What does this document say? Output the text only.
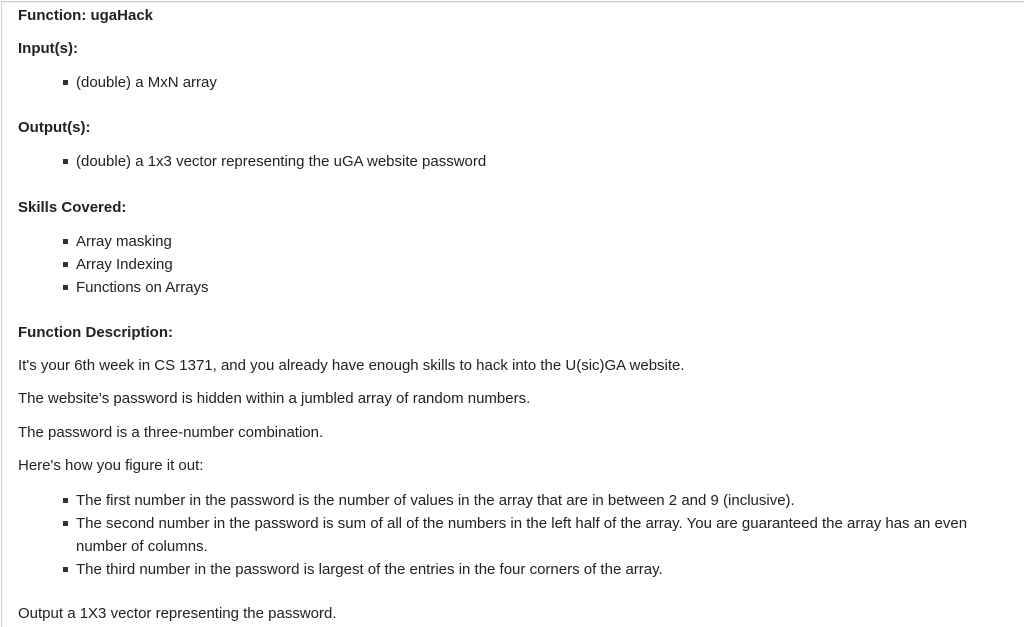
Function: ugaHack
Input(s):
(double) a MxN array
Output(s):
(double) a 1x3 vector representing the uGA website password
Skills Covered:
Array masking
Array Indexing
Functions on Arrays
Function Description:
It's your 6th week in CS 1371, and you already have enough skills to hack into the U(sic)GA website.
The website's password is hidden within a jumbled array of random numbers.
The password is a three-number combination.
Here's how you figure it out:
The first number in the password is the number of values in the array that are in between 2 and 9 (inclusive).
The second number in the password is sum of all of the numbers in the left half of the array. You are guaranteed the array has an even number of columns.
The third number in the password is largest of the entries in the four corners of the array.
Output a 1X3 vector representing the password.
